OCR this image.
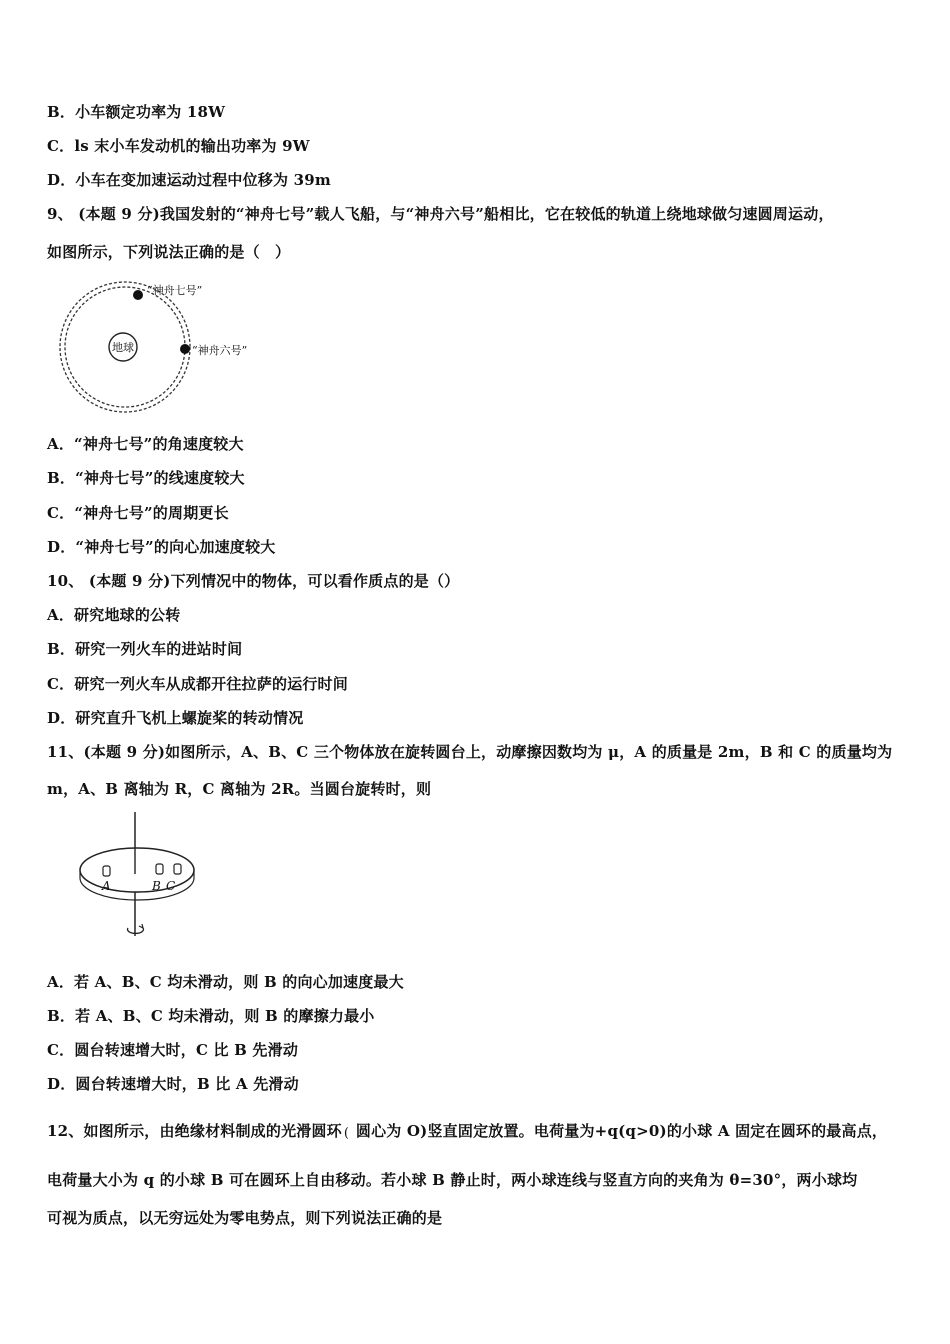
B．小车额定功率为 18W
C．ls 末小车发动机的输出功率为 9W
D．小车在变加速运动过程中位移为 39m
9、 (本题 9 分)我国发射的“神舟七号”载人飞船，与“神舟六号”船相比，它在较低的轨道上绕地球做匀速圆周运动，
如图所示，下列说法正确的是（　）
地球
“神舟七号”
“神舟六号”
A．“神舟七号”的角速度较大
B．“神舟七号”的线速度较大
C．“神舟七号”的周期更长
D．“神舟七号”的向心加速度较大
10、 (本题 9 分)下列情况中的物体，可以看作质点的是（）
A．研究地球的公转
B．研究一列火车的进站时间
C．研究一列火车从成都开往拉萨的运行时间
D．研究直升飞机上螺旋桨的转动情况
11、(本题 9 分)如图所示，A、B、C 三个物体放在旋转圆台上，动摩擦因数均为 μ，A 的质量是 2m，B 和 C 的质量均为
m，A、B 离轴为 R，C 离轴为 2R。当圆台旋转时，则
A	B C
A．若 A、B、C 均未滑动，则 B 的向心加速度最大
B．若 A、B、C 均未滑动，则 B 的摩擦力最小
C．圆台转速增大时，C 比 B 先滑动
D．圆台转速增大时，B 比 A 先滑动
12、如图所示，由绝缘材料制成的光滑圆环 ( 圆心为 O)竖直固定放置。电荷量为+q(q>0)的小球 A 固定在圆环的最高点，
电荷量大小为 q 的小球 B 可在圆环上自由移动。若小球 B 静止时，两小球连线与竖直方向的夹角为 θ=30°，两小球均
可视为质点，以无穷远处为零电势点，则下列说法正确的是
